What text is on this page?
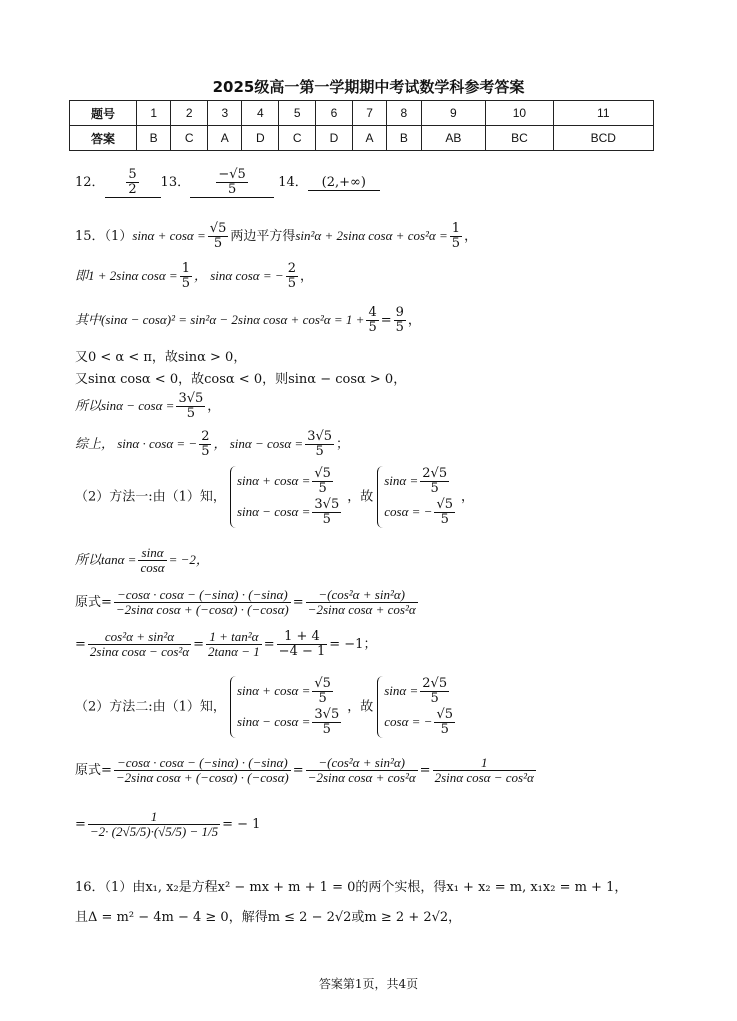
2025级高一第一学期期中考试数学科参考答案
题号	1	2	3	4	5	6	7	8	9	10	11
答案	B	C	A	D	C	D	A	B	AB	BC	BCD
12． $\frac{5}{2} 13$． $\frac{-√5}{5} 14$． (2,+∞)
15．$(1)\sin\alpha + \cos\alpha = \frac{√5}{5}$ 两边平方得sin²α + 2sinα $\cos\alpha + \cos^2\alpha = \frac{1}{5}$ ，
即1 + 2sinα $\cos\alpha = \frac{1}{5}$ ， sinα cosα = − $\frac{2}{5}$ ，
其中(sinα − cosα)² = sin²α − 2sinα $\cos\alpha + \cos^2\alpha = 1 + \frac{4}{5} = \frac{9}{5}$ ，
又0 < α < π，故sinα > 0，
又sinα cosα < 0，故cosα < 0，则sinα − cosα > 0，
所以$\sin\alpha - \cos\alpha = \frac{3√5}{5}$ ，
综上， sinα · cosα = − $\frac{2}{5}$ ， $\sin\alpha - \cos\alpha = \frac{3√5}{5}$ ；
（2）方法一:由（1）知，
$\sin\alpha + \cos\alpha = \frac{√5}{5}$
$\sin\alpha - \cos\alpha = \frac{3√5}{5}$
，故
$\sin\alpha = \frac{2√5}{5}$
cosα = − $\frac{√5}{5}$
，
所以$\tan\alpha = \frac{\sin\alpha}{\cos\alpha} = -2$，
原式= $\frac{-\cos\alpha \cdot \cos\alpha - (-\sin\alpha) \cdot (-\sin\alpha)}{\text{−2sinα cosα + (−cosα) · (−cosα)}} = \frac{\text{−(cos²α + sin²α)}}{\text{−2sinα cosα + cos²α}}$
= $\frac{\text{cos²α + sin²α}}{\text{2sinα cosα − cos²α}} = \frac{\text{1 + tan²α}}{2\tan\alpha - 1} = \frac{1 + 4}{-4 - 1} = -1$；
（2）方法二:由（1）知，
$\sin\alpha + \cos\alpha = \frac{√5}{5}$
$\sin\alpha - \cos\alpha = \frac{3√5}{5}$
，故
$\sin\alpha = \frac{2√5}{5}$
cosα = − $\frac{√5}{5}$
原式= $\frac{-\cos\alpha \cdot \cos\alpha - (-\sin\alpha) \cdot (-\sin\alpha)}{\text{−2sinα cosα + (−cosα) · (−cosα)}} = \frac{\text{−(cos²α + sin²α)}}{\text{−2sinα cosα + cos²α}} = \frac{1}{\text{2sinα cosα − cos²α}}$
= $\frac{1}{-2\cdot (2√5/5)\cdot(√5/5) - 1/5}$ = − 1
16．（1）由x₁, x₂是方程x² − mx + m + 1 = 0的两个实根，得x₁ + x₂ = m, x₁x₂ = m + 1，
且Δ = m² − 4m − 4 ≥ 0，解得m ≤ 2 − 2√2或m ≥ 2 + 2√2，
答案第1页，共4页
